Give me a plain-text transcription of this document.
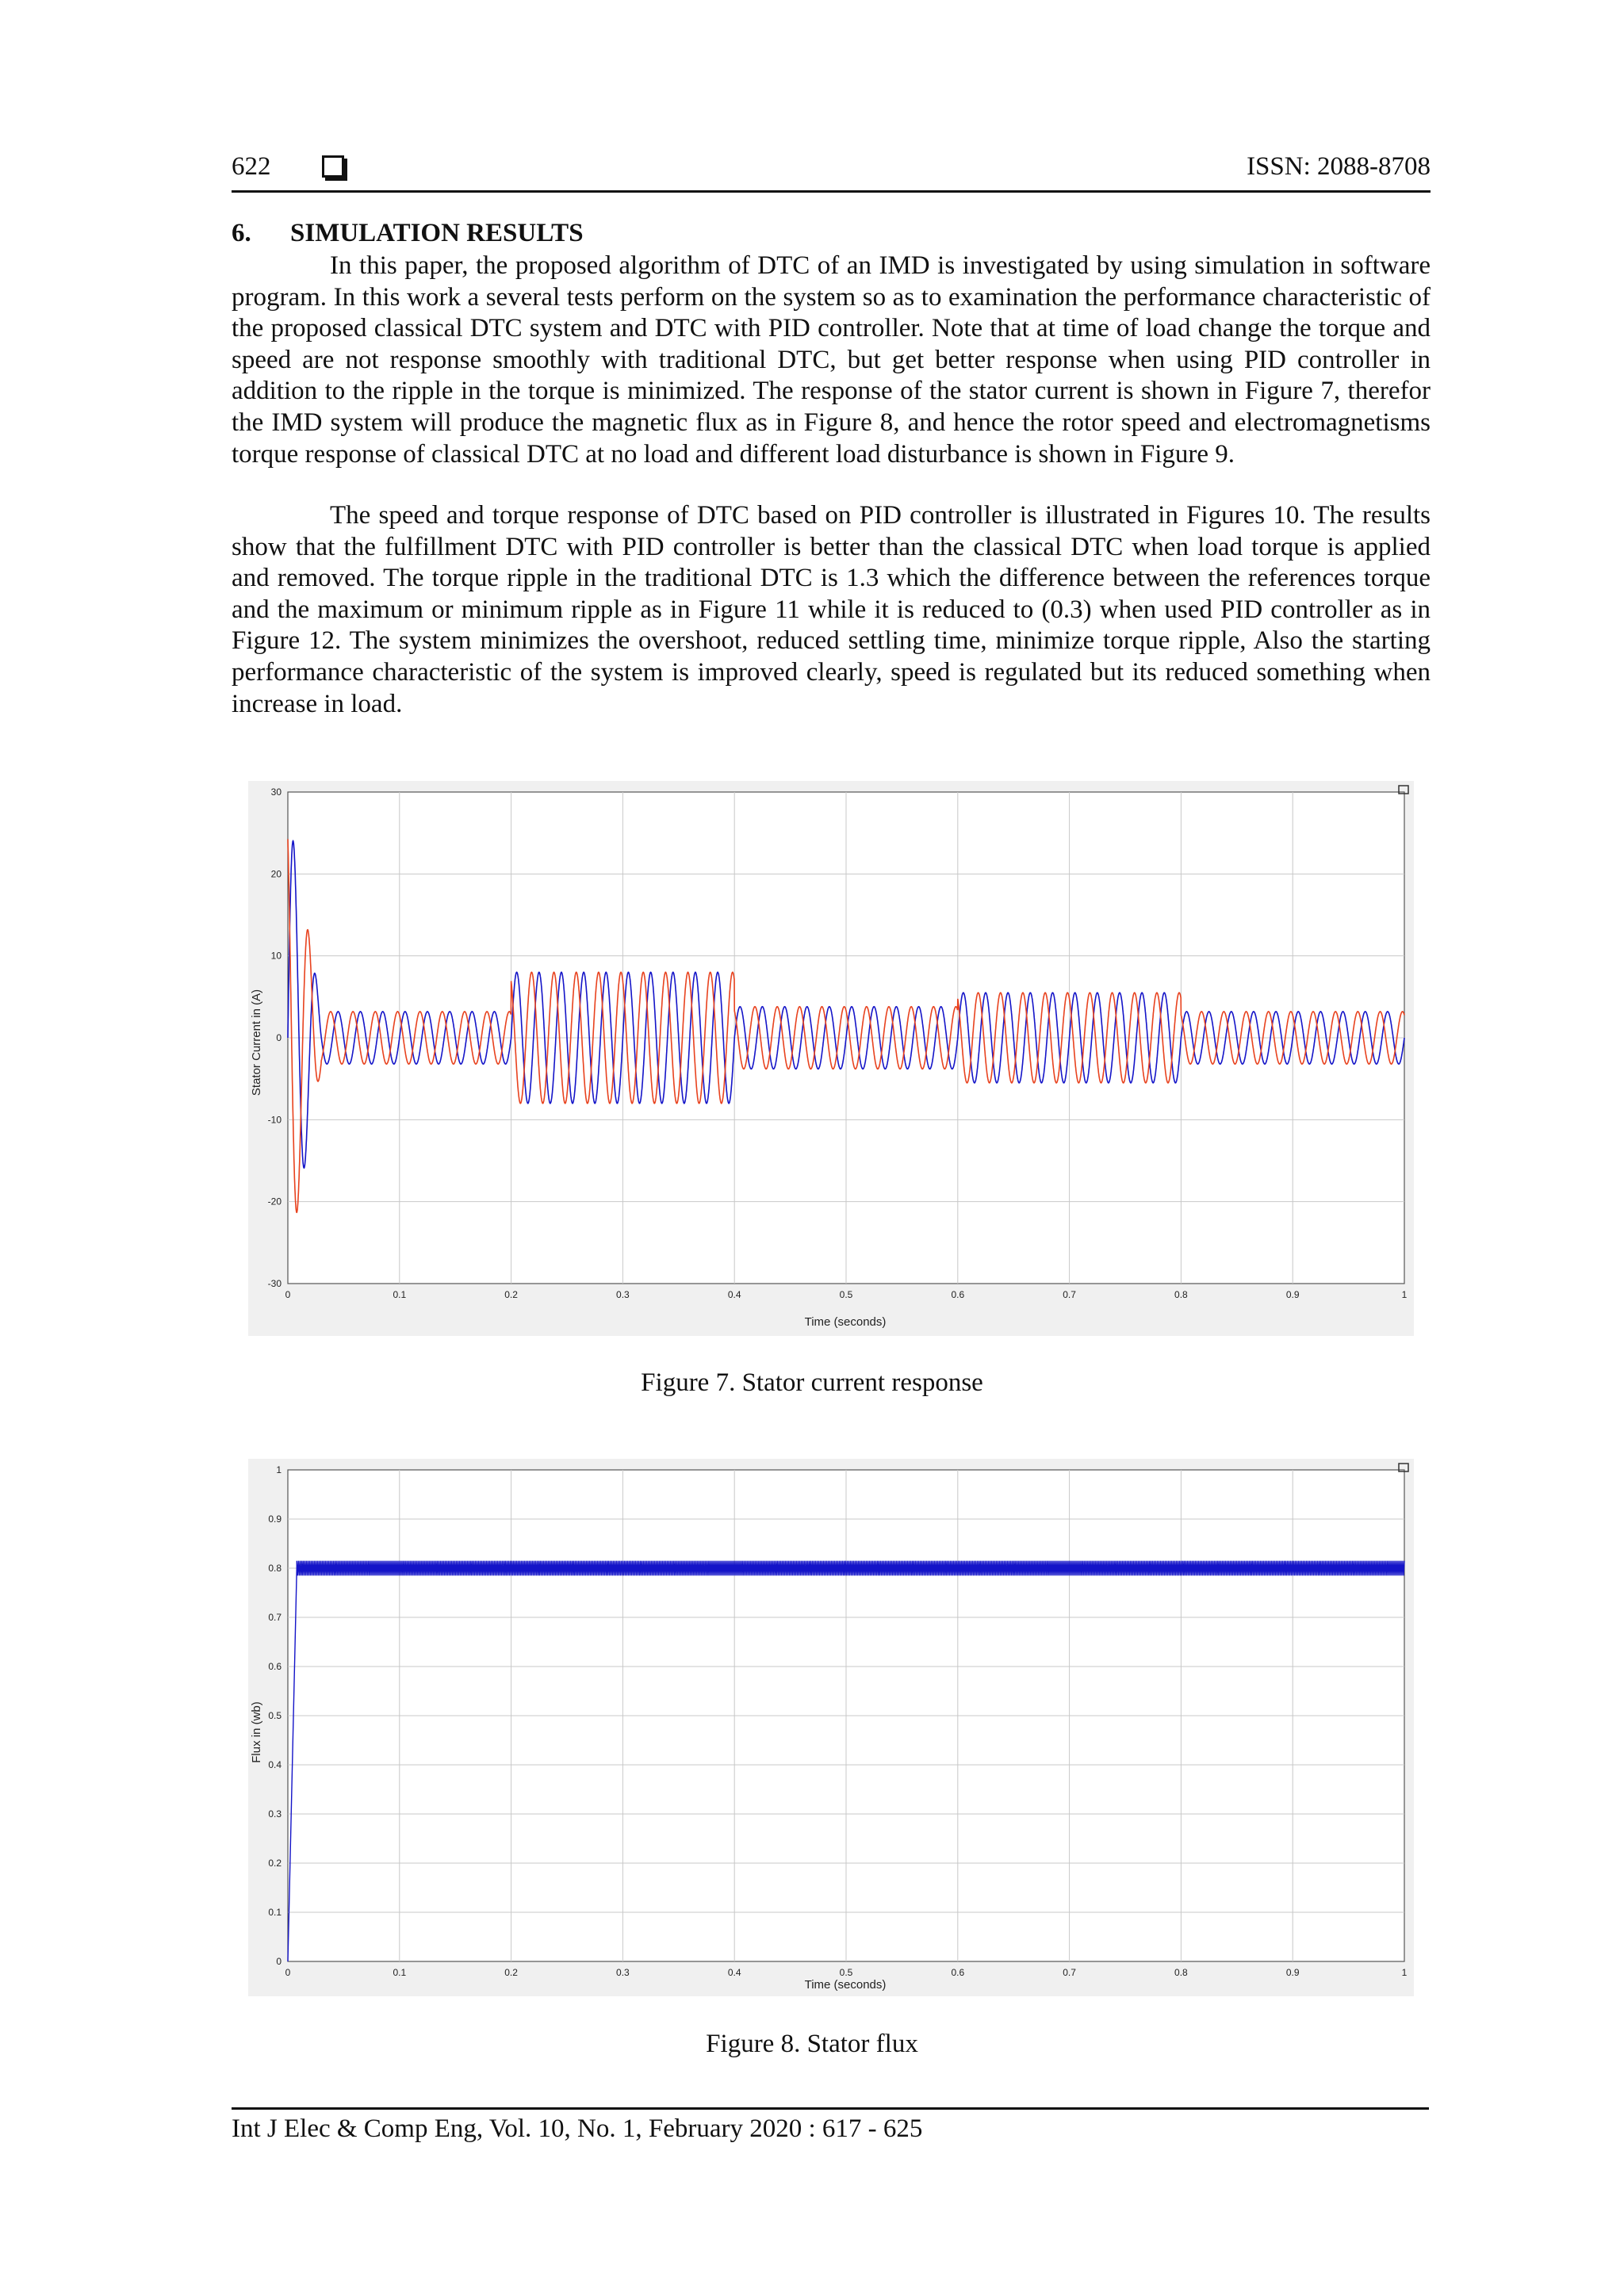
622	ISSN: 2088-8708
6. SIMULATION RESULTS

In this paper, the proposed algorithm of DTC of an IMD is investigated by using simulation in software program. In this work a several tests perform on the system so as to examination the performance characteristic of the proposed classical DTC system and DTC with PID controller. Note that at time of load change the torque and speed are not response smoothly with traditional DTC, but get better response when using PID controller in addition to the ripple in the torque is minimized. The response of the stator current is shown in Figure 7, therefor the IMD system will produce the magnetic flux as in Figure 8, and hence the rotor speed and electromagnetisms torque response of classical DTC at no load and different load disturbance is shown in Figure 9.

The speed and torque response of DTC based on PID controller is illustrated in Figures 10. The results show that the fulfillment DTC with PID controller is better than the classical DTC when load torque is applied and removed. The torque ripple in the traditional DTC is 1.3 which the difference between the references torque and the maximum or minimum ripple as in Figure 11 while it is reduced to (0.3) when used PID controller as in Figure 12. The system minimizes the overshoot, reduced settling time, minimize torque ripple, Also the starting performance characteristic of the system is improved clearly, speed is regulated but its reduced something when increase in load.

0	0.1	0.2	0.3	0.4	0.5	0.6	0.7	0.8	0.9	1
30
20
10
0
-10
-20
-30
Time (seconds)
Stator Current in (A)
Figure 7. Stator current response
0	0.1	0.2	0.3	0.4	0.5	0.6	0.7	0.8	0.9	1
1
0.9
0.8
0.7
0.6
0.5
0.4
0.3
0.2
0.1
0
Time (seconds)
Flux in (wb)
Figure 8. Stator flux
Int J Elec & Comp Eng, Vol. 10, No. 1, February 2020 : 617 - 625
